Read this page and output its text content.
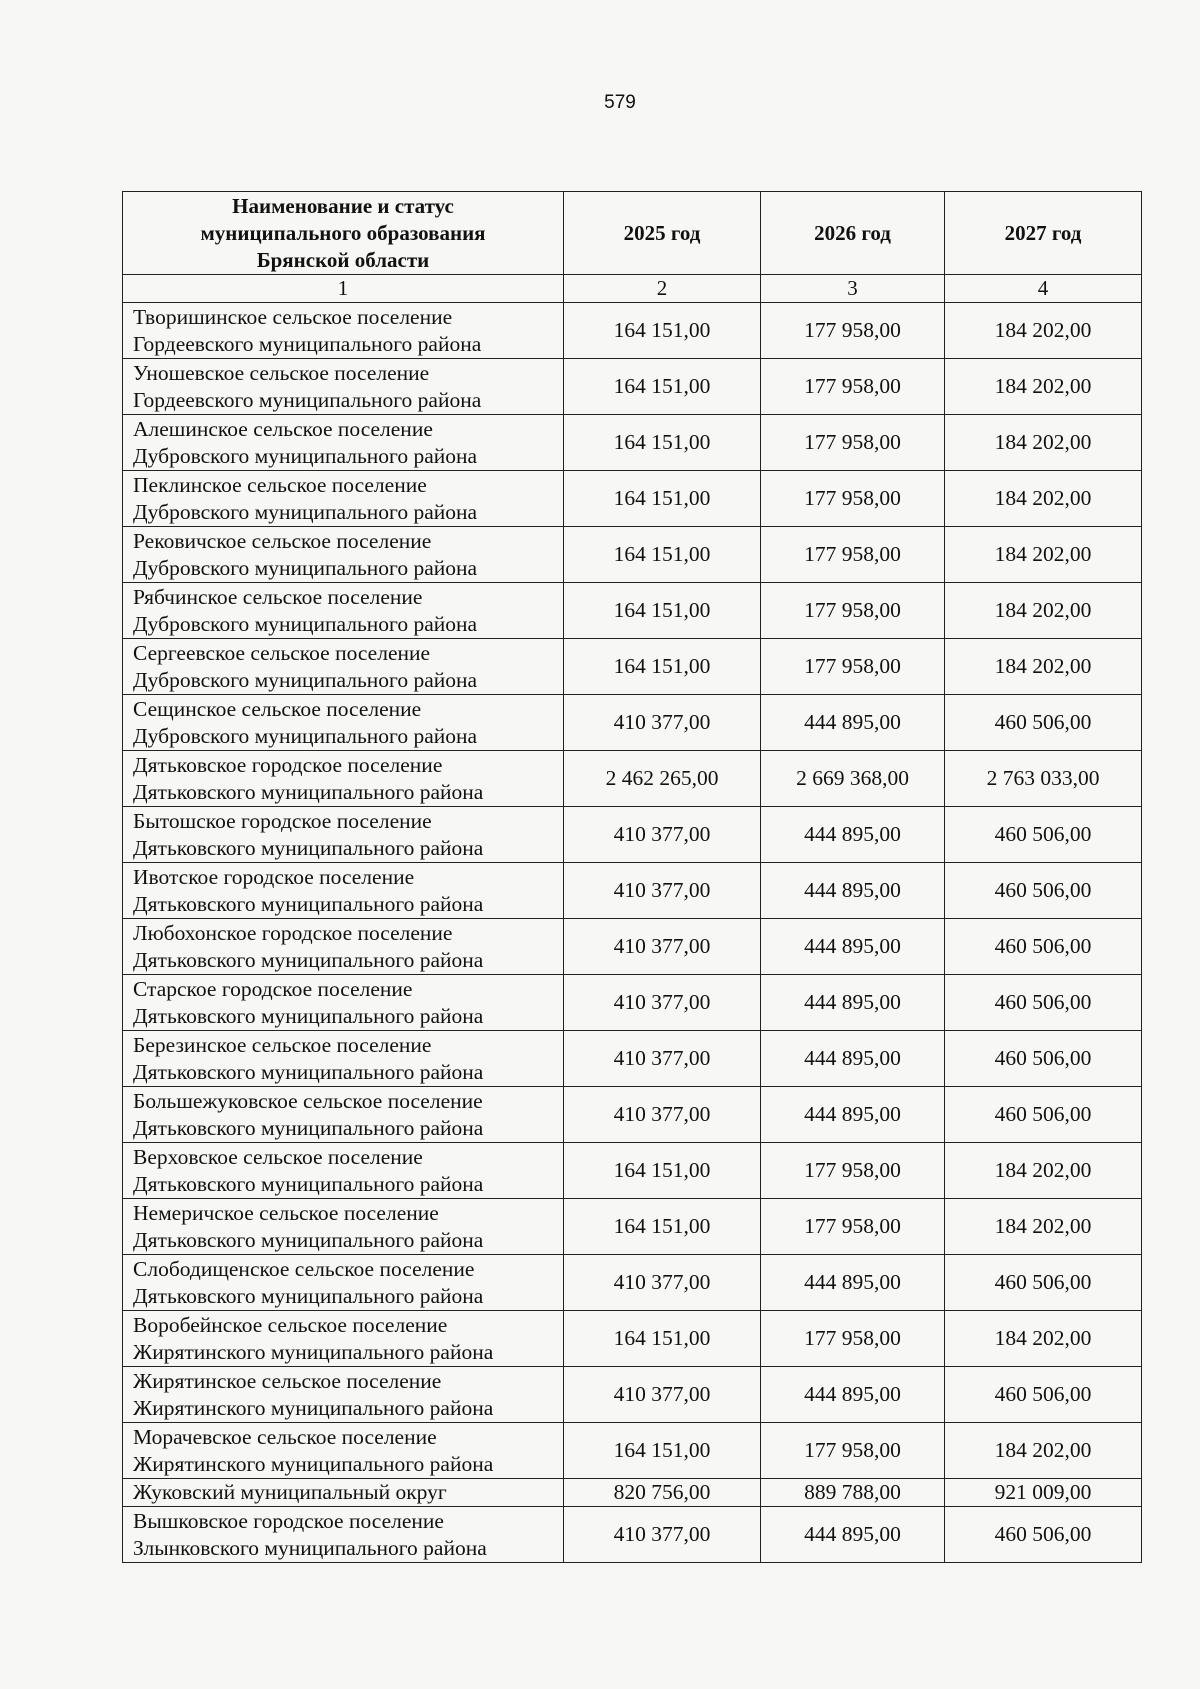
579
Наименование и статус
муниципального образования
Брянской области	2025 год	2026 год	2027 год
1	2	3	4
Творишинское сельское поселение
Гордеевского муниципального района	164 151,00	177 958,00	184 202,00
Уношевское сельское поселение
Гордеевского муниципального района	164 151,00	177 958,00	184 202,00
Алешинское сельское поселение
Дубровского муниципального района	164 151,00	177 958,00	184 202,00
Пеклинское сельское поселение
Дубровского муниципального района	164 151,00	177 958,00	184 202,00
Рековичское сельское поселение
Дубровского муниципального района	164 151,00	177 958,00	184 202,00
Рябчинское сельское поселение
Дубровского муниципального района	164 151,00	177 958,00	184 202,00
Сергеевское сельское поселение
Дубровского муниципального района	164 151,00	177 958,00	184 202,00
Сещинское сельское поселение
Дубровского муниципального района	410 377,00	444 895,00	460 506,00
Дятьковское городское поселение
Дятьковского муниципального района	2 462 265,00	2 669 368,00	2 763 033,00
Бытошское городское поселение
Дятьковского муниципального района	410 377,00	444 895,00	460 506,00
Ивотское городское поселение
Дятьковского муниципального района	410 377,00	444 895,00	460 506,00
Любохонское городское поселение
Дятьковского муниципального района	410 377,00	444 895,00	460 506,00
Старское городское поселение
Дятьковского муниципального района	410 377,00	444 895,00	460 506,00
Березинское сельское поселение
Дятьковского муниципального района	410 377,00	444 895,00	460 506,00
Большежуковское сельское поселение
Дятьковского муниципального района	410 377,00	444 895,00	460 506,00
Верховское сельское поселение
Дятьковского муниципального района	164 151,00	177 958,00	184 202,00
Немеричское сельское поселение
Дятьковского муниципального района	164 151,00	177 958,00	184 202,00
Слободищенское сельское поселение
Дятьковского муниципального района	410 377,00	444 895,00	460 506,00
Воробейнское сельское поселение
Жирятинского муниципального района	164 151,00	177 958,00	184 202,00
Жирятинское сельское поселение
Жирятинского муниципального района	410 377,00	444 895,00	460 506,00
Морачевское сельское поселение
Жирятинского муниципального района	164 151,00	177 958,00	184 202,00
Жуковский муниципальный округ	820 756,00	889 788,00	921 009,00
Вышковское городское поселение
Злынковского муниципального района	410 377,00	444 895,00	460 506,00
